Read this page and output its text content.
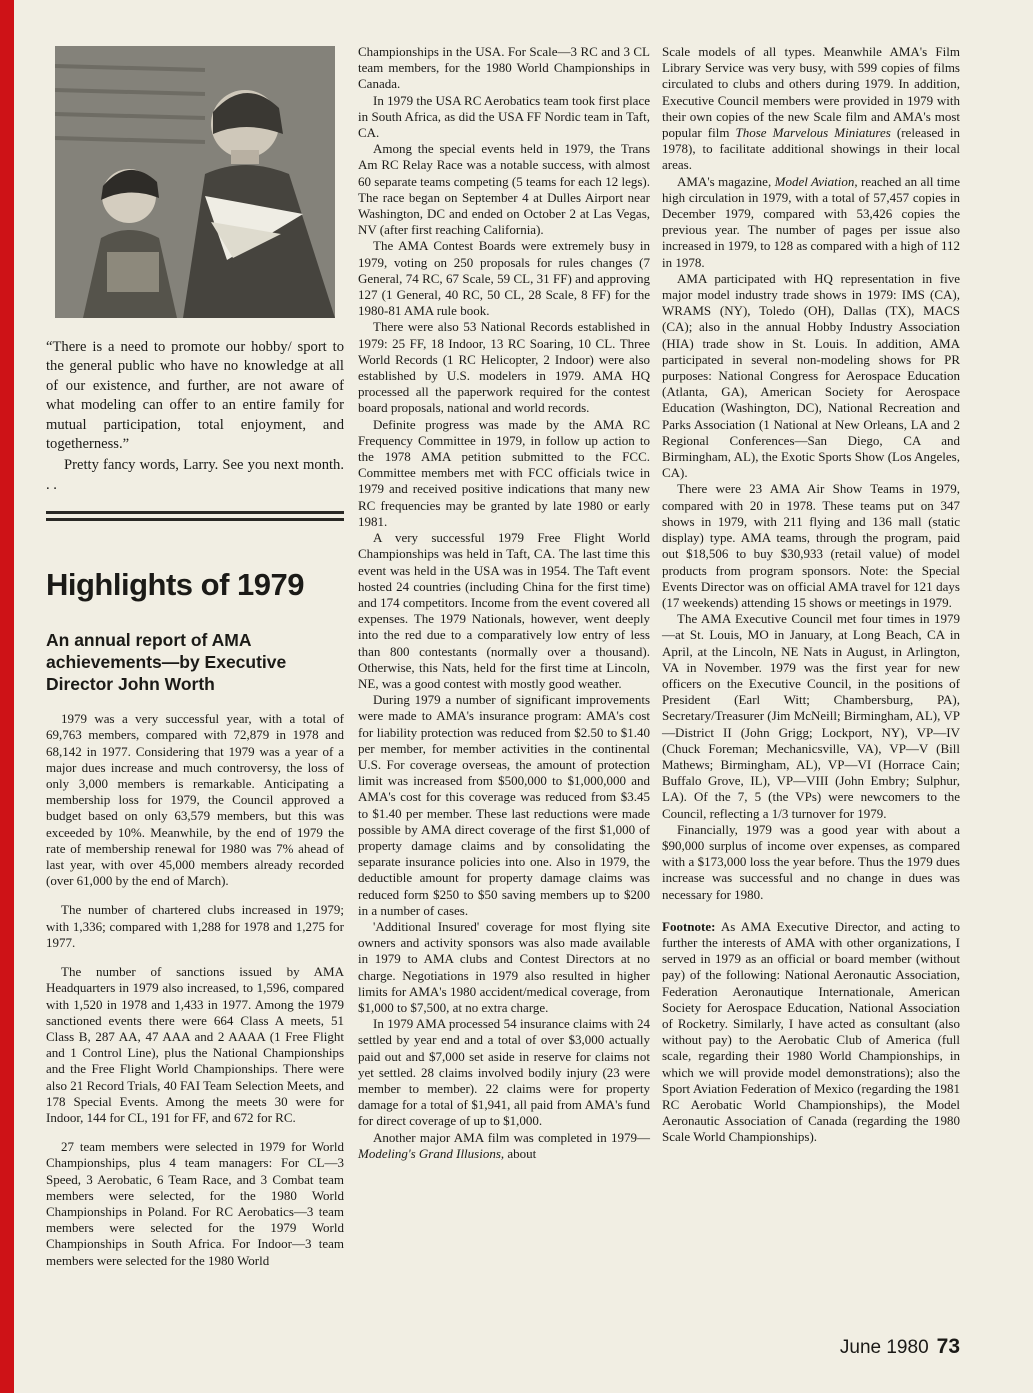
“There is a need to promote our hobby/ sport to the general public who have no knowledge at all of our existence, and further, are not aware of what modeling can offer to an entire family for mutual participation, total enjoyment, and togetherness.”

Pretty fancy words, Larry. See you next month. . .

Highlights of 1979
An annual report of AMA achievements—by Executive Director John Worth

1979 was a very successful year, with a total of 69,763 members, compared with 72,879 in 1978 and 68,142 in 1977. Considering that 1979 was a year of a major dues increase and much controversy, the loss of only 3,000 members is remarkable. Anticipating a membership loss for 1979, the Council approved a budget based on only 63,579 members, but this was exceeded by 10%. Meanwhile, by the end of 1979 the rate of membership renewal for 1980 was 7% ahead of last year, with over 45,000 members already recorded (over 61,000 by the end of March).

The number of chartered clubs increased in 1979; with 1,336; compared with 1,288 for 1978 and 1,275 for 1977.

The number of sanctions issued by AMA Headquarters in 1979 also increased, to 1,596, compared with 1,520 in 1978 and 1,433 in 1977. Among the 1979 sanctioned events there were 664 Class A meets, 51 Class B, 287 AA, 47 AAA and 2 AAAA (1 Free Flight and 1 Control Line), plus the National Championships and the Free Flight World Championships. There were also 21 Record Trials, 40 FAI Team Selection Meets, and 178 Special Events. Among the meets 30 were for Indoor, 144 for CL, 191 for FF, and 672 for RC.

27 team members were selected in 1979 for World Championships, plus 4 team managers: For CL—3 Speed, 3 Aerobatic, 6 Team Race, and 3 Combat team members were selected, for the 1980 World Championships in Poland. For RC Aerobatics—3 team members were selected for the 1979 World Championships in South Africa. For Indoor—3 team members were selected for the 1980 World

Championships in the USA. For Scale—3 RC and 3 CL team members, for the 1980 World Championships in Canada.

In 1979 the USA RC Aerobatics team took first place in South Africa, as did the USA FF Nordic team in Taft, CA.

Among the special events held in 1979, the Trans Am RC Relay Race was a notable success, with almost 60 separate teams competing (5 teams for each 12 legs). The race began on September 4 at Dulles Airport near Washington, DC and ended on October 2 at Las Vegas, NV (after first reaching California).

The AMA Contest Boards were extremely busy in 1979, voting on 250 proposals for rules changes (7 General, 74 RC, 67 Scale, 59 CL, 31 FF) and approving 127 (1 General, 40 RC, 50 CL, 28 Scale, 8 FF) for the 1980-81 AMA rule book.

There were also 53 National Records established in 1979: 25 FF, 18 Indoor, 13 RC Soaring, 10 CL. Three World Records (1 RC Helicopter, 2 Indoor) were also established by U.S. modelers in 1979. AMA HQ processed all the paperwork required for the contest board proposals, national and world records.

Definite progress was made by the AMA RC Frequency Committee in 1979, in follow up action to the 1978 AMA petition submitted to the FCC. Committee members met with FCC officials twice in 1979 and received positive indications that many new RC frequencies may be granted by late 1980 or early 1981.

A very successful 1979 Free Flight World Championships was held in Taft, CA. The last time this event was held in the USA was in 1954. The Taft event hosted 24 countries (including China for the first time) and 174 competitors. Income from the event covered all expenses. The 1979 Nationals, however, went deeply into the red due to a comparatively low entry of less than 800 contestants (normally over a thousand). Otherwise, this Nats, held for the first time at Lincoln, NE, was a good contest with mostly good weather.

During 1979 a number of significant improvements were made to AMA's insurance program: AMA's cost for liability protection was reduced from $2.50 to $1.40 per member, for member activities in the continental U.S. For coverage overseas, the amount of protection limit was increased from $500,000 to $1,000,000 and AMA's cost for this coverage was reduced from $3.45 to $1.40 per member. These last reductions were made possible by AMA direct coverage of the first $1,000 of property damage claims and by consolidating the separate insurance policies into one. Also in 1979, the deductible amount for property damage claims was reduced form $250 to $50 saving members up to $200 in a number of cases.

'Additional Insured' coverage for most flying site owners and activity sponsors was also made available in 1979 to AMA clubs and Contest Directors at no charge. Negotiations in 1979 also resulted in higher limits for AMA's 1980 accident/medical coverage, from $1,000 to $7,500, at no extra charge.

In 1979 AMA processed 54 insurance claims with 24 settled by year end and a total of over $3,000 actually paid out and $7,000 set aside in reserve for claims not yet settled. 28 claims involved bodily injury (23 were member to member). 22 claims were for property damage for a total of $1,941, all paid from AMA's fund for direct coverage of up to $1,000.

Another major AMA film was completed in 1979—Modeling's Grand Illusions, about

Scale models of all types. Meanwhile AMA's Film Library Service was very busy, with 599 copies of films circulated to clubs and others during 1979. In addition, Executive Council members were provided in 1979 with their own copies of the new Scale film and AMA's most popular film Those Marvelous Miniatures (released in 1978), to facilitate additional showings in their local areas.

AMA's magazine, Model Aviation, reached an all time high circulation in 1979, with a total of 57,457 copies in December 1979, compared with 53,426 copies the previous year. The number of pages per issue also increased in 1979, to 128 as compared with a high of 112 in 1978.

AMA participated with HQ representation in five major model industry trade shows in 1979: IMS (CA), WRAMS (NY), Toledo (OH), Dallas (TX), MACS (CA); also in the annual Hobby Industry Association (HIA) trade show in St. Louis. In addition, AMA participated in several non-modeling shows for PR purposes: National Congress for Aerospace Education (Atlanta, GA), American Society for Aerospace Education (Washington, DC), National Recreation and Parks Association (1 National at New Orleans, LA and 2 Regional Conferences—San Diego, CA and Birmingham, AL), the Exotic Sports Show (Los Angeles, CA).

There were 23 AMA Air Show Teams in 1979, compared with 20 in 1978. These teams put on 347 shows in 1979, with 211 flying and 136 mall (static display) type. AMA teams, through the program, paid out $18,506 to buy $30,933 (retail value) of model products from program sponsors. Note: the Special Events Director was on official AMA travel for 121 days (17 weekends) attending 15 shows or meetings in 1979.

The AMA Executive Council met four times in 1979—at St. Louis, MO in January, at Long Beach, CA in April, at the Lincoln, NE Nats in August, in Arlington, VA in November. 1979 was the first year for new officers on the Executive Council, in the positions of President (Earl Witt; Chambersburg, PA), Secretary/Treasurer (Jim McNeill; Birmingham, AL), VP—District II (John Grigg; Lockport, NY), VP—IV (Chuck Foreman; Mechanicsville, VA), VP—V (Bill Mathews; Birmingham, AL), VP—VI (Horrace Cain; Buffalo Grove, IL), VP—VIII (John Embry; Sulphur, LA). Of the 7, 5 (the VPs) were newcomers to the Council, reflecting a 1/3 turnover for 1979.

Financially, 1979 was a good year with about a $90,000 surplus of income over expenses, as compared with a $173,000 loss the year before. Thus the 1979 dues increase was successful and no change in dues was necessary for 1980.

Footnote: As AMA Executive Director, and acting to further the interests of AMA with other organizations, I served in 1979 as an official or board member (without pay) of the following: National Aeronautic Association, Federation Aeronautique Internationale, American Society for Aerospace Education, National Association of Rocketry. Similarly, I have acted as consultant (also without pay) to the Aerobatic Club of America (full scale, regarding their 1980 World Championships, in which we will provide model demonstrations); also the Sport Aviation Federation of Mexico (regarding the 1981 RC Aerobatic World Championships), the Model Aeronautic Association of Canada (regarding the 1980 Scale World Championships).

June 1980 73
